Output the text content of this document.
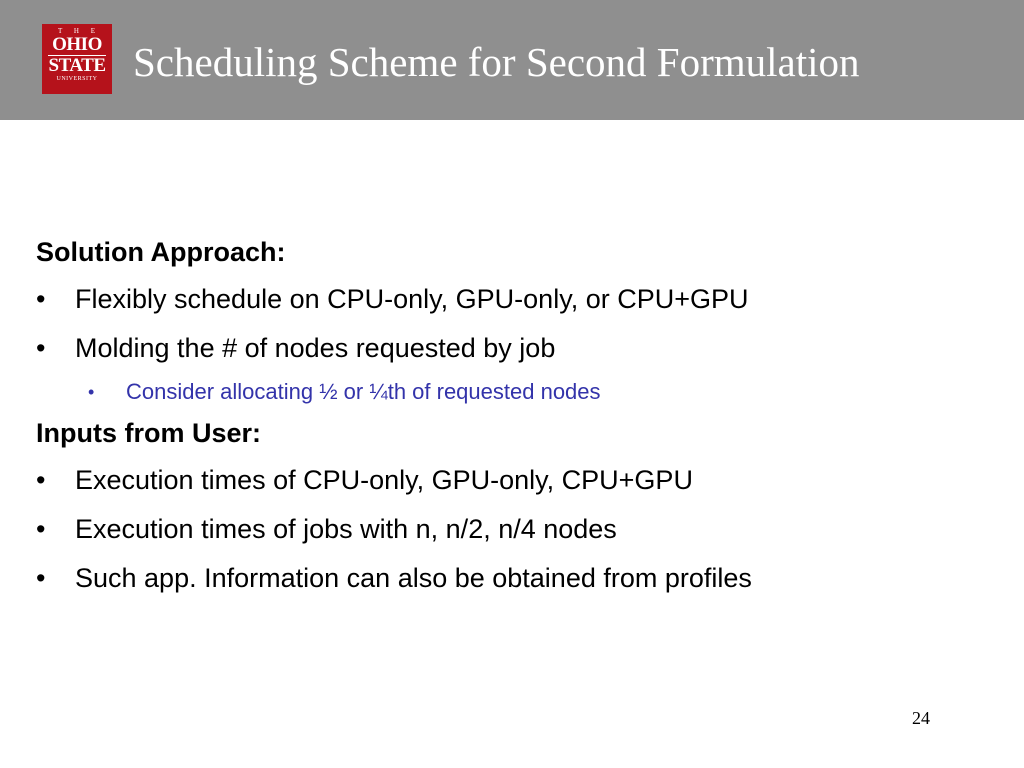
T H E
OHIO
STATE
UNIVERSITY Scheduling Scheme for Second Formulation
Solution Approach:
•	Flexibly schedule on CPU-only, GPU-only, or CPU+GPU
•	Molding the # of nodes requested by job
• Consider allocating ½ or ¼th of requested nodes
Inputs from User:
•	Execution times of CPU-only, GPU-only, CPU+GPU
•	Execution times of jobs with n, n/2, n/4 nodes
•	Such app. Information can also be obtained from profiles
24
